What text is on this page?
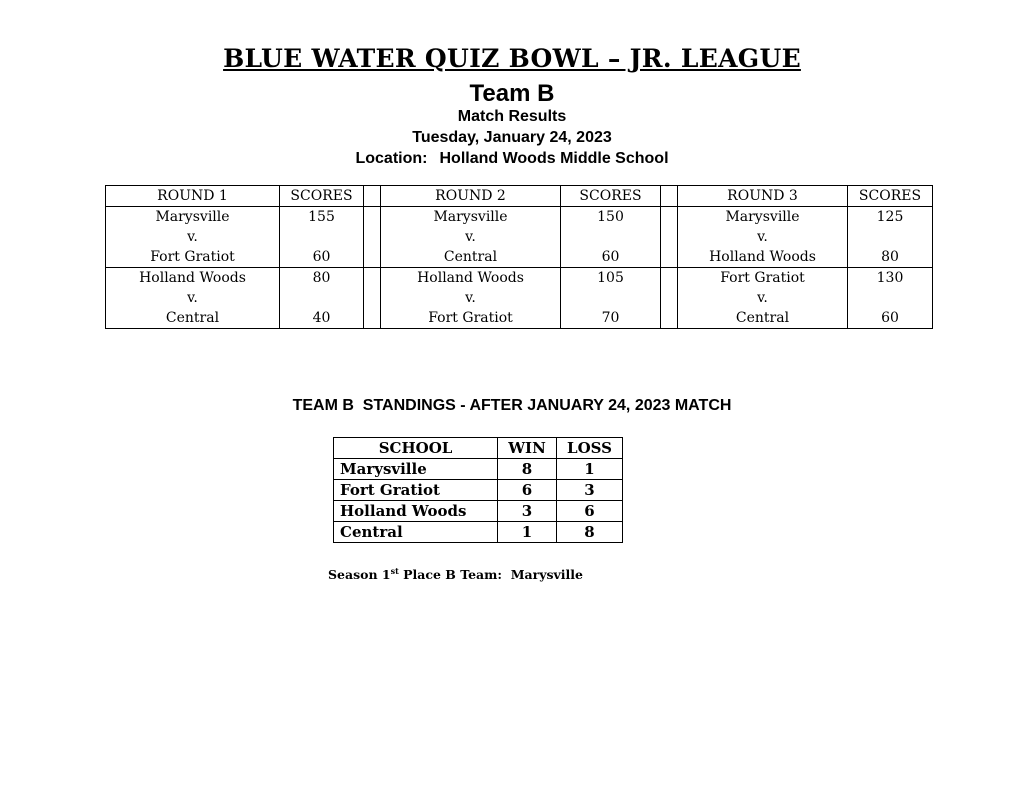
BLUE WATER QUIZ BOWL – JR. LEAGUE
Team B
Match Results
Tuesday, January 24, 2023
Location: Holland Woods Middle School
ROUND 1	SCORES		ROUND 2	SCORES		ROUND 3	SCORES
Marysville	155		Marysville	150		Marysville	125
v.			v.			v.	
Fort Gratiot	60		Central	60		Holland Woods	80
Holland Woods	80		Holland Woods	105		Fort Gratiot	130
v.			v.			v.	
Central	40		Fort Gratiot	70		Central	60
TEAM B  STANDINGS - AFTER JANUARY 24, 2023 MATCH
SCHOOL	WIN	LOSS
Marysville	8	1
Fort Gratiot	6	3
Holland Woods	3	6
Central	1	8
Season 1st Place B Team:  Marysville
